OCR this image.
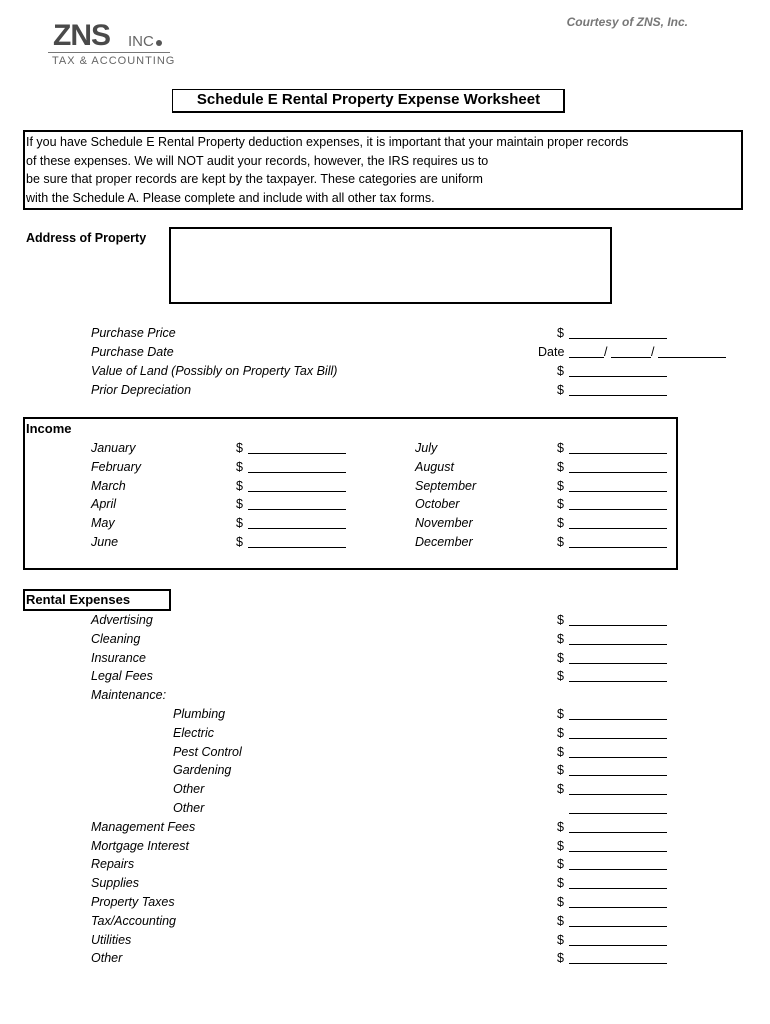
ZNS INC
TAX & ACCOUNTING
Courtesy of ZNS, Inc.
Schedule E Rental Property Expense Worksheet
If you have Schedule E Rental Property deduction expenses, it is important that your maintain proper records
of these expenses. We will NOT audit your records, however, the IRS requires us to
be sure that proper records are kept by the taxpayer. These categories are uniform
with the Schedule A. Please complete and include with all other tax forms.
Address of Property
Purchase Price	$
Purchase Date	Date	/	/
Value of Land (Possibly on Property Tax Bill)	$
Prior Depreciation	$
Income
January	$
February	$
March	$
April	$
May	$
June	$
July	$
August	$
September	$
October	$
November	$
December	$
Rental Expenses
Advertising	$
Cleaning	$
Insurance	$
Legal Fees	$
Maintenance:
Plumbing	$
Electric	$
Pest Control	$
Gardening	$
Other	$
Other
Management Fees	$
Mortgage Interest	$
Repairs	$
Supplies	$
Property Taxes	$
Tax/Accounting	$
Utilities	$
Other	$
